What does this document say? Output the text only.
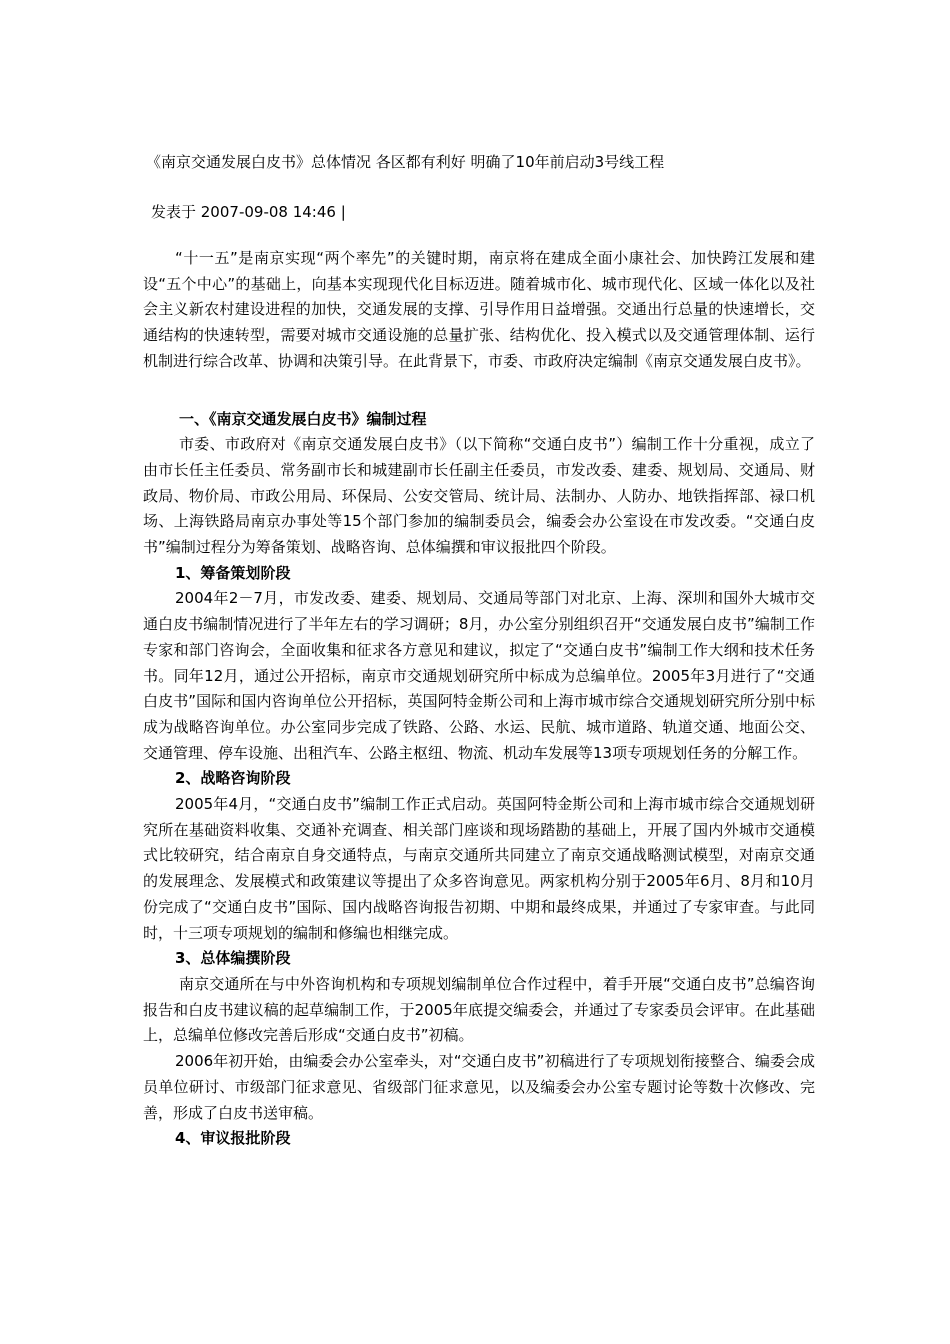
《南京交通发展白皮书》总体情况 各区都有利好 明确了10年前启动3号线工程
发表于 2007-09-08 14:46 |

“十一五”是南京实现“两个率先”的关键时期，南京将在建成全面小康社会、加快跨江发展和建设“五个中心”的基础上，向基本实现现代化目标迈进。随着城市化、城市现代化、区域一体化以及社会主义新农村建设进程的加快，交通发展的支撑、引导作用日益增强。交通出行总量的快速增长，交通结构的快速转型，需要对城市交通设施的总量扩张、结构优化、投入模式以及交通管理体制、运行机制进行综合改革、协调和决策引导。在此背景下，市委、市政府决定编制《南京交通发展白皮书》。

一、《南京交通发展白皮书》编制过程

市委、市政府对《南京交通发展白皮书》（以下简称“交通白皮书”）编制工作十分重视，成立了由市长任主任委员、常务副市长和城建副市长任副主任委员，市发改委、建委、规划局、交通局、财政局、物价局、市政公用局、环保局、公安交管局、统计局、法制办、人防办、地铁指挥部、禄口机场、上海铁路局南京办事处等15个部门参加的编制委员会，编委会办公室设在市发改委。“交通白皮书”编制过程分为筹备策划、战略咨询、总体编撰和审议报批四个阶段。

1、筹备策划阶段

2004年2－7月，市发改委、建委、规划局、交通局等部门对北京、上海、深圳和国外大城市交通白皮书编制情况进行了半年左右的学习调研；8月，办公室分别组织召开“交通发展白皮书”编制工作专家和部门咨询会，全面收集和征求各方意见和建议，拟定了“交通白皮书”编制工作大纲和技术任务书。同年12月，通过公开招标，南京市交通规划研究所中标成为总编单位。2005年3月进行了“交通白皮书”国际和国内咨询单位公开招标，英国阿特金斯公司和上海市城市综合交通规划研究所分别中标成为战略咨询单位。办公室同步完成了铁路、公路、水运、民航、城市道路、轨道交通、地面公交、交通管理、停车设施、出租汽车、公路主枢纽、物流、机动车发展等13项专项规划任务的分解工作。

2、战略咨询阶段

2005年4月，“交通白皮书”编制工作正式启动。英国阿特金斯公司和上海市城市综合交通规划研究所在基础资料收集、交通补充调查、相关部门座谈和现场踏勘的基础上，开展了国内外城市交通模式比较研究，结合南京自身交通特点，与南京交通所共同建立了南京交通战略测试模型，对南京交通的发展理念、发展模式和政策建议等提出了众多咨询意见。两家机构分别于2005年6月、8月和10月份完成了“交通白皮书”国际、国内战略咨询报告初期、中期和最终成果，并通过了专家审查。与此同时，十三项专项规划的编制和修编也相继完成。

3、总体编撰阶段

南京交通所在与中外咨询机构和专项规划编制单位合作过程中，着手开展“交通白皮书”总编咨询报告和白皮书建议稿的起草编制工作，于2005年底提交编委会，并通过了专家委员会评审。在此基础上，总编单位修改完善后形成“交通白皮书”初稿。

2006年初开始，由编委会办公室牵头，对“交通白皮书”初稿进行了专项规划衔接整合、编委会成员单位研讨、市级部门征求意见、省级部门征求意见，以及编委会办公室专题讨论等数十次修改、完善，形成了白皮书送审稿。

4、审议报批阶段
